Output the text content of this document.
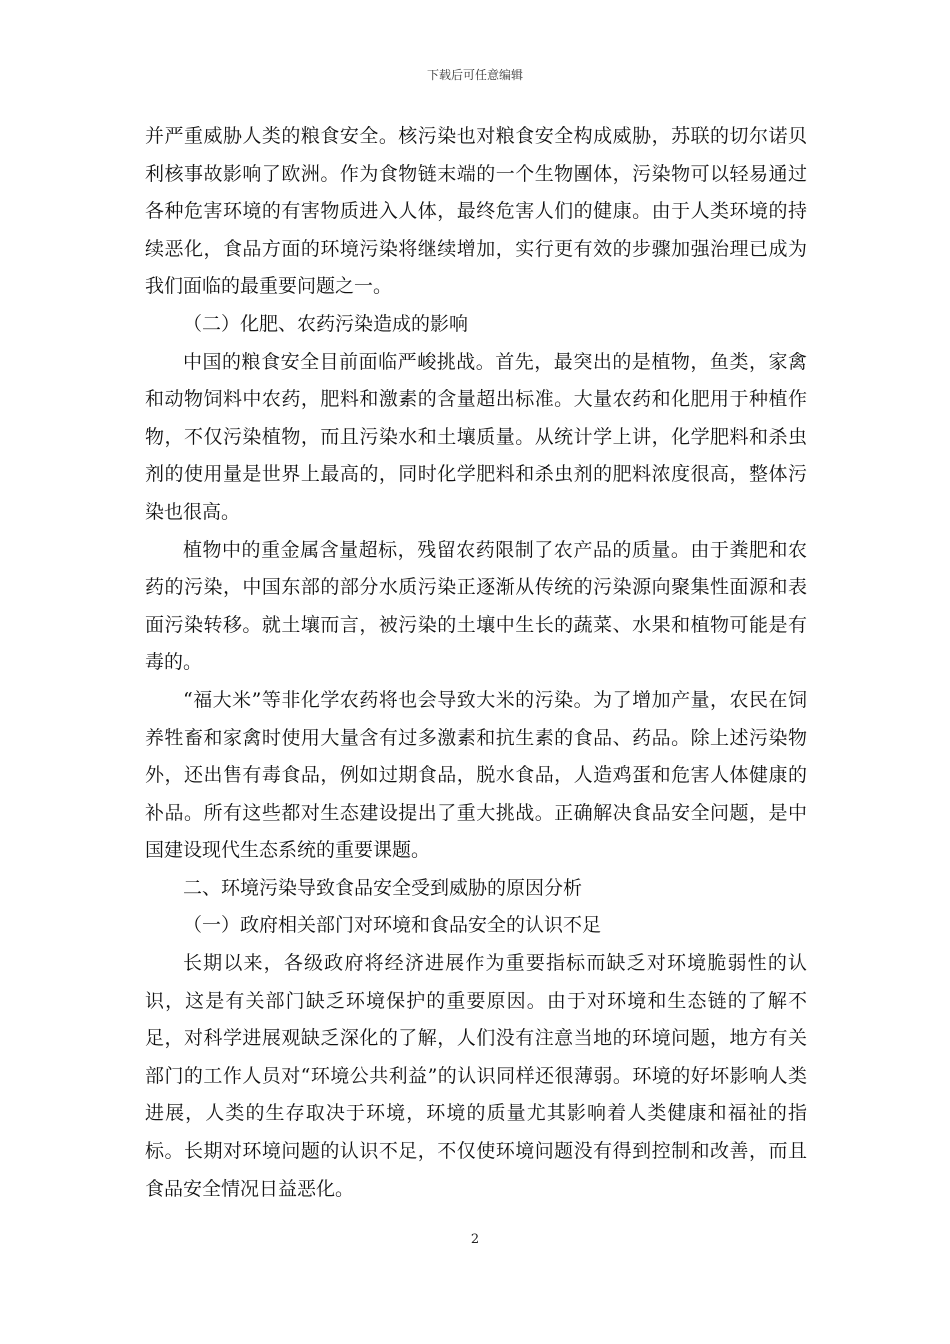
下载后可任意编辑

并严重威胁人类的粮食安全。核污染也对粮食安全构成威胁，苏联的切尔诺贝利核事故影响了欧洲。作为食物链末端的一个生物團体，污染物可以轻易通过各种危害环境的有害物质进入人体，最终危害人们的健康。由于人类环境的持续恶化，食品方面的环境污染将继续增加，实行更有效的步骤加强治理已成为我们面临的最重要问题之一。

（二）化肥、农药污染造成的影响

中国的粮食安全目前面临严峻挑战。首先，最突出的是植物，鱼类，家禽和动物饲料中农药，肥料和激素的含量超出标准。大量农药和化肥用于种植作物，不仅污染植物，而且污染水和土壤质量。从统计学上讲，化学肥料和杀虫剂的使用量是世界上最高的，同时化学肥料和杀虫剂的肥料浓度很高，整体污染也很高。

植物中的重金属含量超标，残留农药限制了农产品的质量。由于粪肥和农药的污染，中国东部的部分水质污染正逐渐从传统的污染源向聚集性面源和表面污染转移。就土壤而言，被污染的土壤中生长的蔬菜、水果和植物可能是有毒的。

“福大米”等非化学农药将也会导致大米的污染。为了增加产量，农民在饲养牲畜和家禽时使用大量含有过多激素和抗生素的食品、药品。除上述污染物外，还出售有毒食品，例如过期食品，脱水食品，人造鸡蛋和危害人体健康的补品。所有这些都对生态建设提出了重大挑战。正确解决食品安全问题，是中国建设现代生态系统的重要课题。

二、环境污染导致食品安全受到威胁的原因分析

（一）政府相关部门对环境和食品安全的认识不足

长期以来，各级政府将经济进展作为重要指标而缺乏对环境脆弱性的认识，这是有关部门缺乏环境保护的重要原因。由于对环境和生态链的了解不足，对科学进展观缺乏深化的了解，人们没有注意当地的环境问题，地方有关部门的工作人员对“环境公共利益”的认识同样还很薄弱。环境的好坏影响人类进展，人类的生存取决于环境，环境的质量尤其影响着人类健康和福祉的指标。长期对环境问题的认识不足，不仅使环境问题没有得到控制和改善，而且食品安全情况日益恶化。

2
